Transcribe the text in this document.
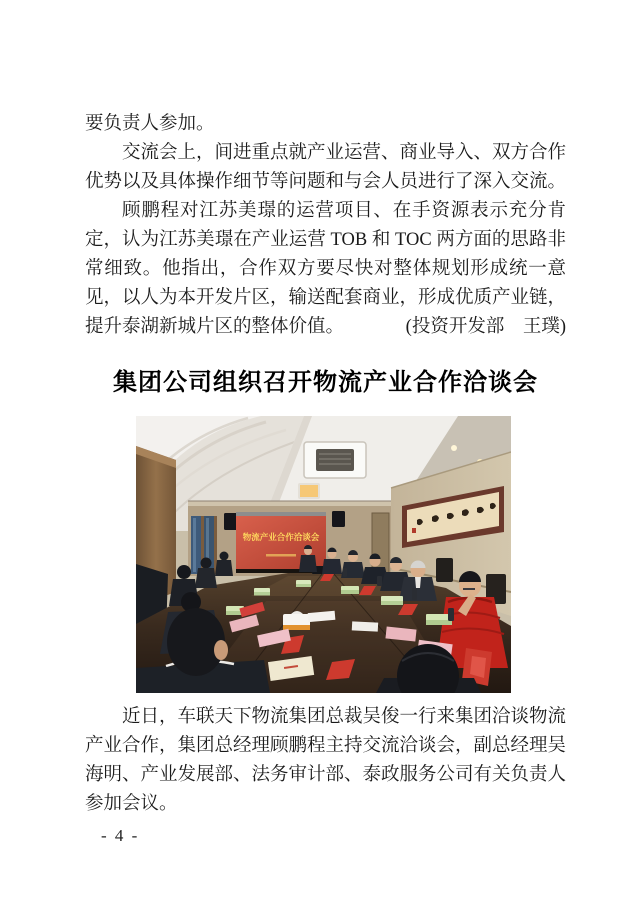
要负责人参加。

交流会上，间进重点就产业运营、商业导入、双方合作优势以及具体操作细节等问题和与会人员进行了深入交流。

顾鹏程对江苏美璟的运营项目、在手资源表示充分肯定，认为江苏美璟在产业运营 TOB 和 TOC 两方面的思路非常细致。他指出，合作双方要尽快对整体规划形成统一意见，以人为本开发片区，输送配套商业，形成优质产业链，提升泰湖新城片区的整体价值。	(投资开发部　王璞)

集团公司组织召开物流产业合作洽谈会
物流产业合作洽谈会

近日，车联天下物流集团总裁吴俊一行来集团洽谈物流产业合作，集团总经理顾鹏程主持交流洽谈会，副总经理吴海明、产业发展部、法务审计部、泰政服务公司有关负责人参加会议。

- 4 -
